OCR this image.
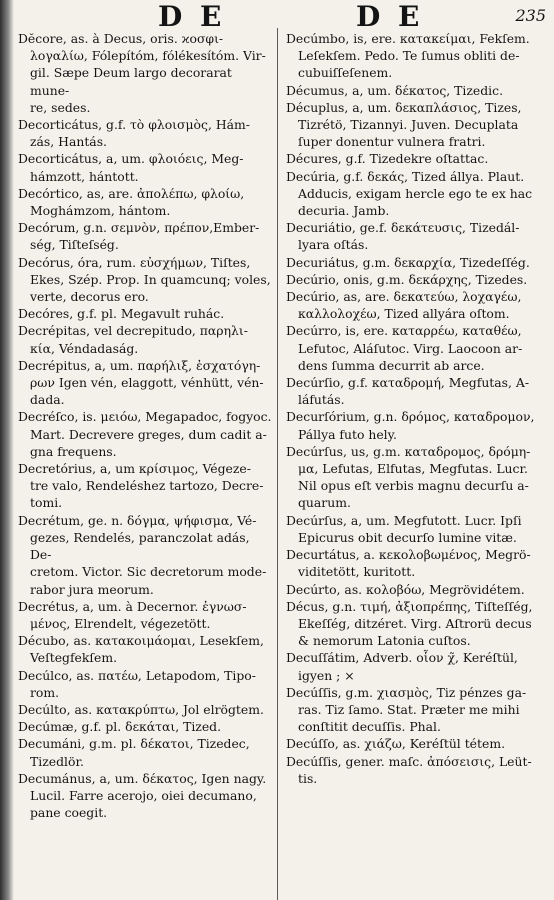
D E	D E	235
Dĕcore, as. à Decus, oris. ϰοσφι-
λογαλίω, Fólepítóm, fólékesítóm. Vir-
gil. Sæpe Deum largo decorarat mune-
re, sedes.
Decorticátus, g.f. τὸ φλοισμὸς, Hám-
zás, Hantás.
Decorticátus, a, um. φλοιόεις, Meg-
hámzott, hántott.
Decórtico, as, are. ἀπολέπω, φλοίω,
Moghámzom, hántom.
Decórum, g.n. σεμνὸν, πρέπον,Ember-
ség, Tiſteſség.
Decórus, óra, rum. εὐσχήμων, Tiſtes,
Ekes, Szép. Prop. In quamcunq; voles,
verte, decorus ero.
Decóres, g.f. pl. Megavult ruhác.
Decrépitas, vel decrepitudo, παρηλι-
κία, Véndadaság.
Decrépitus, a, um. παρήλιξ, ἐσχατόγη-
ρων Igen vén, elaggott, vénhütt, vén-
dada.
Decréſco, is. μειόω, Megapadoc, fogyoc.
Mart. Decrevere greges, dum cadit a-
gna frequens.
Decretórius, a, um κρίσιμος, Végeze-
tre valo, Rendeléshez tartozo, Decre-
tomi.
Decrétum, ge. n. δόγμα, ψήφισμα, Vé-
gezes, Rendelés, paranczolat adás, De-
cretom. Victor. Sic decretorum mode-
rabor jura meorum.
Decrétus, a, um. à Decernor. ἐγνωσ-
μένος, Elrendelt, végezetött.
Décubo, as. κατακοιμάομαι, Lesekſem,
Veſtegfekſem.
Decúlco, as. πατέω, Letapodom, Tipo-
rom.
Decúlto, as. κατακρύπτω, Jol elrögtem.
Decúmæ, g.f. pl. δεκάται, Tized.
Decumáni, g.m. pl. δέκατοι, Tizedec,
Tizedlör.
Decumánus, a, um. δέκατος, Igen nagy.
Lucil. Farre acerojo, oiei decumano,
pane coegit.
Decúmbo, is, ere. κατακείμαι, Fekſem.
Leſekſem. Pedo. Te ſumus obliti de-
cubuiſſeſenem.
Décumus, a, um. δέκατος, Tizedic.
Décuplus, a, um. δεκαπλάσιος, Tizes,
Tizrétö, Tizannyi. Juven. Decuplata
ſuper donentur vulnera fratri.
Décures, g.f. Tizedekre oſtattac.
Decúria, g.f. δεκάς, Tized állya. Plaut.
Adducis, exigam hercle ego te ex hac
decuria. Jamb.
Decuriátio, ge.f. δεκάτευσις, Tizedál-
lyara oſtás.
Decuriátus, g.m. δεκαρχία, Tizedeſſég.
Decúrio, onis, g.m. δεκάρχης, Tizedes.
Decúrio, as, are. δεκατεύω, λοχαγέω,
καλλολοχέω, Tized allyára oſtom.
Decúrro, is, ere. καταρρέω, καταθέω,
Lefutoc, Aláſutoc. Virg. Laocoon ar-
dens ſumma decurrit ab arce.
Decúrſio, g.f. καταδρομή, Megfutas, A-
láfutás.
Decurſórium, g.n. δρόμος, καταδρομον,
Pállya futo hely.
Decúrſus, us, g.m. καταδρομος, δρόμη-
μα, Lefutas, Elfutas, Megfutas. Lucr.
Nil opus eſt verbis magnu decurſu a-
quarum.
Decúrſus, a, um. Megfutott. Lucr. Ipſi
Epicurus obit decurſo lumine vitæ.
Decurtátus, a. κεκολοβωμένος, Megrö-
viditetött, kuritott.
Decúrto, as. κολοβόω, Megrövidétem.
Décus, g.n. τιμή, ἀξιοπρέπης, Tiſteſſég,
Ekeſſég, ditzéret. Virg. Aſtrorü decus
& nemorum Latonia cuſtos.
Decuſſátim, Adverb. οἷον χ̃, Keréſtül,
igyen ; ×
Decúſſis, g.m. χιασμὸς, Tiz pénzes ga-
ras. Tiz ſamo. Stat. Præter me mihi
conſtitit decuſſis. Phal.
Decúſſo, as. χιάζω, Keréſtül tétem.
Decúſſis, gener. maſc. ἀπόσεισις, Leüt-
tis.
